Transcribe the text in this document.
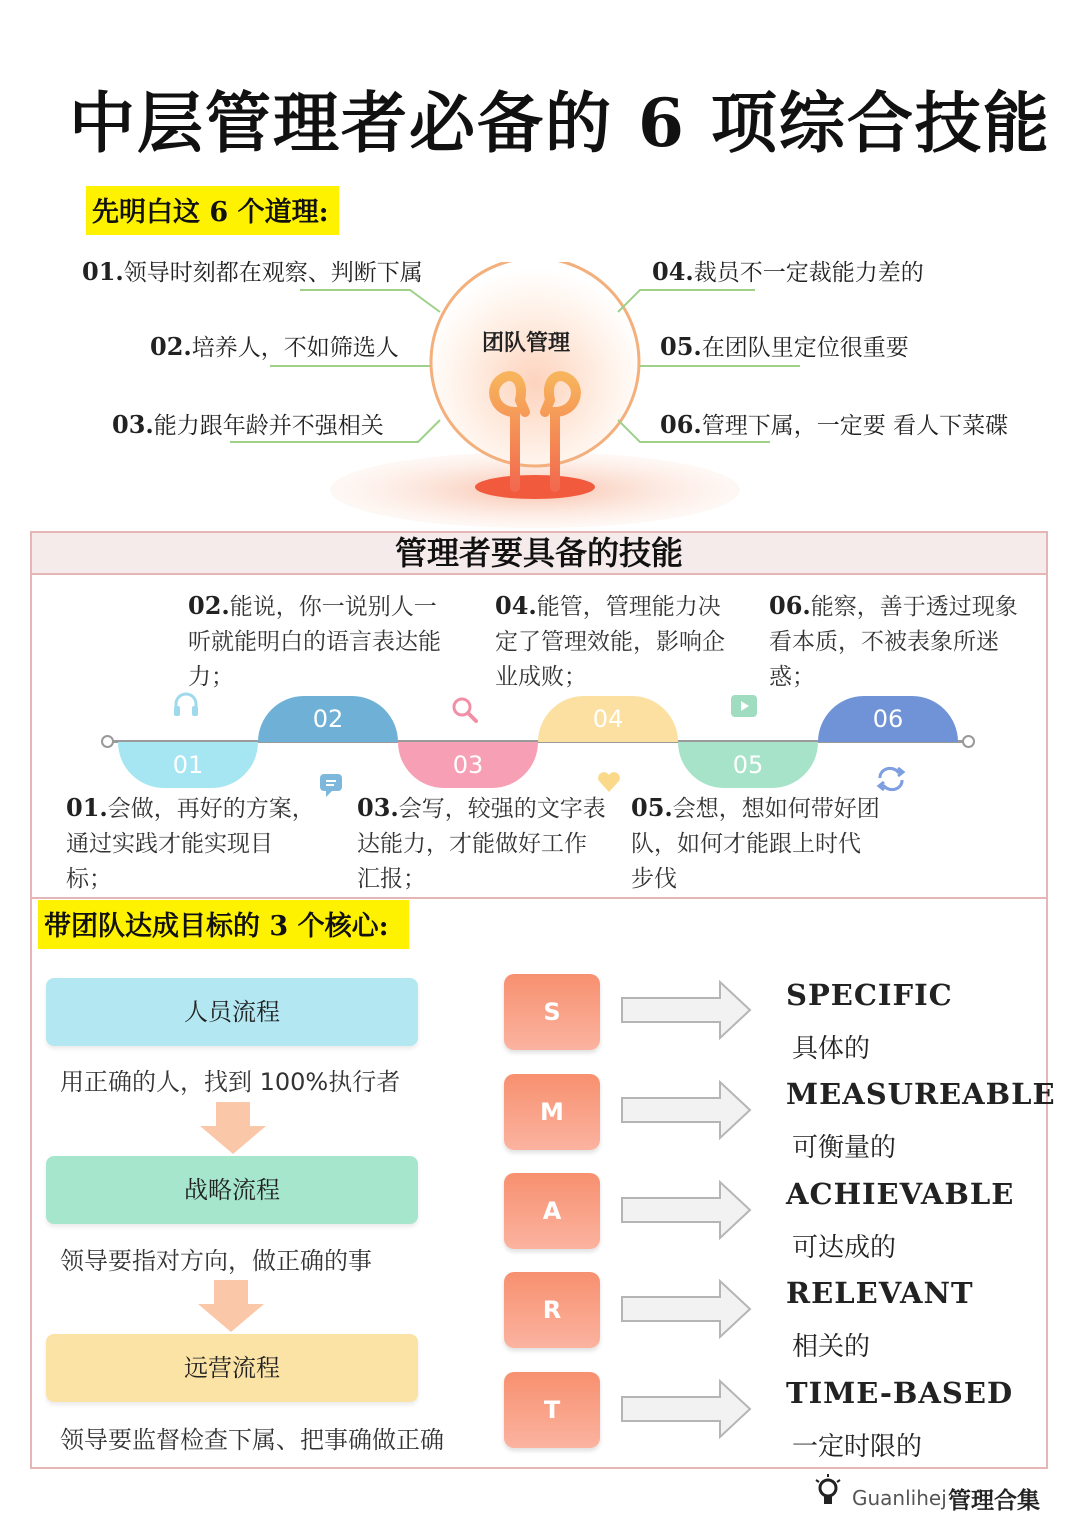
中层管理者必备的 6 项综合技能
先明白这 6 个道理:
团队管理
01.领导时刻都在观察、判断下属
02.培养人，不如筛选人
03.能力跟年龄并不强相关
04.裁员不一定裁能力差的
05.在团队里定位很重要
06.管理下属，一定要 看人下菜碟
管理者要具备的技能
02.能说，你一说别人一听就能明白的语言表达能力；
04.能管，管理能力决定了管理效能，影响企业成败；
06.能察，善于透过现象看本质，不被表象所迷惑；
01
02
03
04
05
06
01.会做，再好的方案，通过实践才能实现目标；
03.会写，较强的文字表达能力，才能做好工作汇报；
05.会想，想如何带好团队，如何才能跟上时代步伐
带团队达成目标的 3 个核心:
人员流程
用正确的人，找到 100%执行者
战略流程
领导要指对方向，做正确的事
远营流程
领导要监督检查下属、把事确做正确
S
M
A
R
T
SPECIFIC
具体的
MEASUREABLE
可衡量的
ACHIEVABLE
可达成的
RELEVANT
相关的
TIME-BASED
一定时限的
Guanlihej 管理合集
